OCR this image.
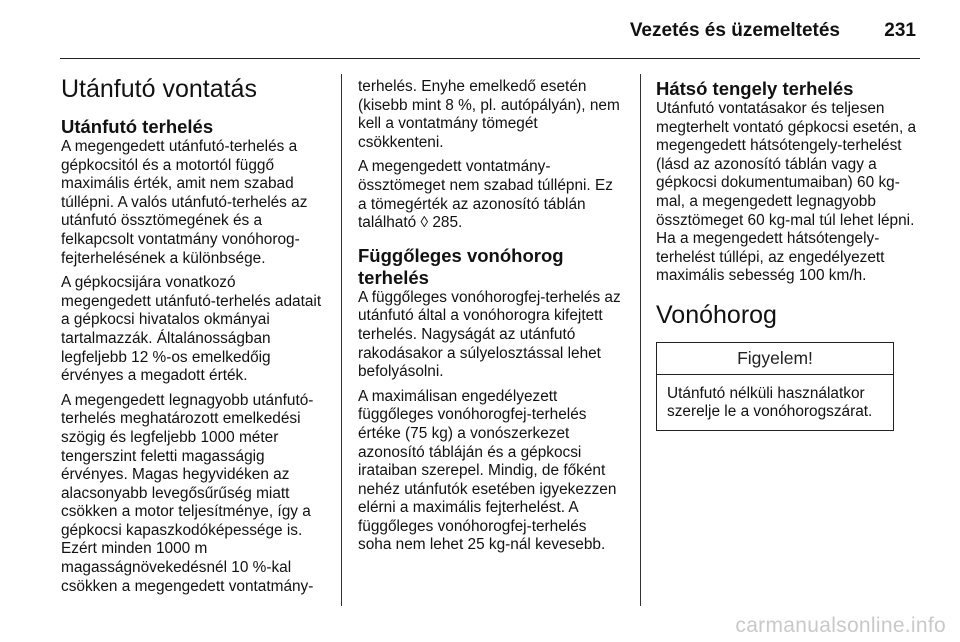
Vezetés és üzemeltetés 231
Utánfutó vontatás
Utánfutó terhelés

A megengedett utánfutó-terhelés a gépkocsitól és a motortól függő maximális érték, amit nem szabad túllépni. A valós utánfutó-terhelés az utánfutó össztömegének és a felkapcsolt vontatmány vonóhorog-fejterhelésének a különbsége.

A gépkocsijára vonatkozó megengedett utánfutó-terhelés adatait a gépkocsi hivatalos okmányai tartalmazzák. Általánosságban legfeljebb 12 %-os emelkedőig érvényes a megadott érték.

A megengedett legnagyobb utánfutó-terhelés meghatározott emelkedési szögig és legfeljebb 1000 méter tengerszint feletti magasságig érvényes. Magas hegyvidéken az alacsonyabb levegősűrűség miatt csökken a motor teljesítménye, így a gépkocsi kapaszkodóképessége is. Ezért minden 1000 m magasságnövekedésnél 10 %-kal csökken a megengedett vontatmány-

terhelés. Enyhe emelkedő esetén (kisebb mint 8 %, pl. autópályán), nem kell a vontatmány tömegét csökkenteni.

A megengedett vontatmány-össztömeget nem szabad túllépni. Ez a tömegérték az azonosító táblán található ◊ 285.

Függőleges vonóhorog terhelés

A függőleges vonóhorogfej-terhelés az utánfutó által a vonóhorogra kifejtett terhelés. Nagyságát az utánfutó rakodásakor a súlyelosztással lehet befolyásolni.

A maximálisan engedélyezett függőleges vonóhorogfej-terhelés értéke (75 kg) a vonószerkezet azonosító tábláján és a gépkocsi irataiban szerepel. Mindig, de főként nehéz utánfutók esetében igyekezzen elérni a maximális fejterhelést. A függőleges vonóhorogfej-terhelés soha nem lehet 25 kg-nál kevesebb.

Hátsó tengely terhelés

Utánfutó vontatásakor és teljesen megterhelt vontató gépkocsi esetén, a megengedett hátsótengely-terhelést (lásd az azonosító táblán vagy a gépkocsi dokumentumaiban) 60 kg-mal, a megengedett legnagyobb össztömeget 60 kg-mal túl lehet lépni. Ha a megengedett hátsótengely-terhelést túllépi, az engedélyezett maximális sebesség 100 km/h.

Vonóhorog
Figyelem!
Utánfutó nélküli használatkor szerelje le a vonóhorogszárat.
carmanualsonline.info
